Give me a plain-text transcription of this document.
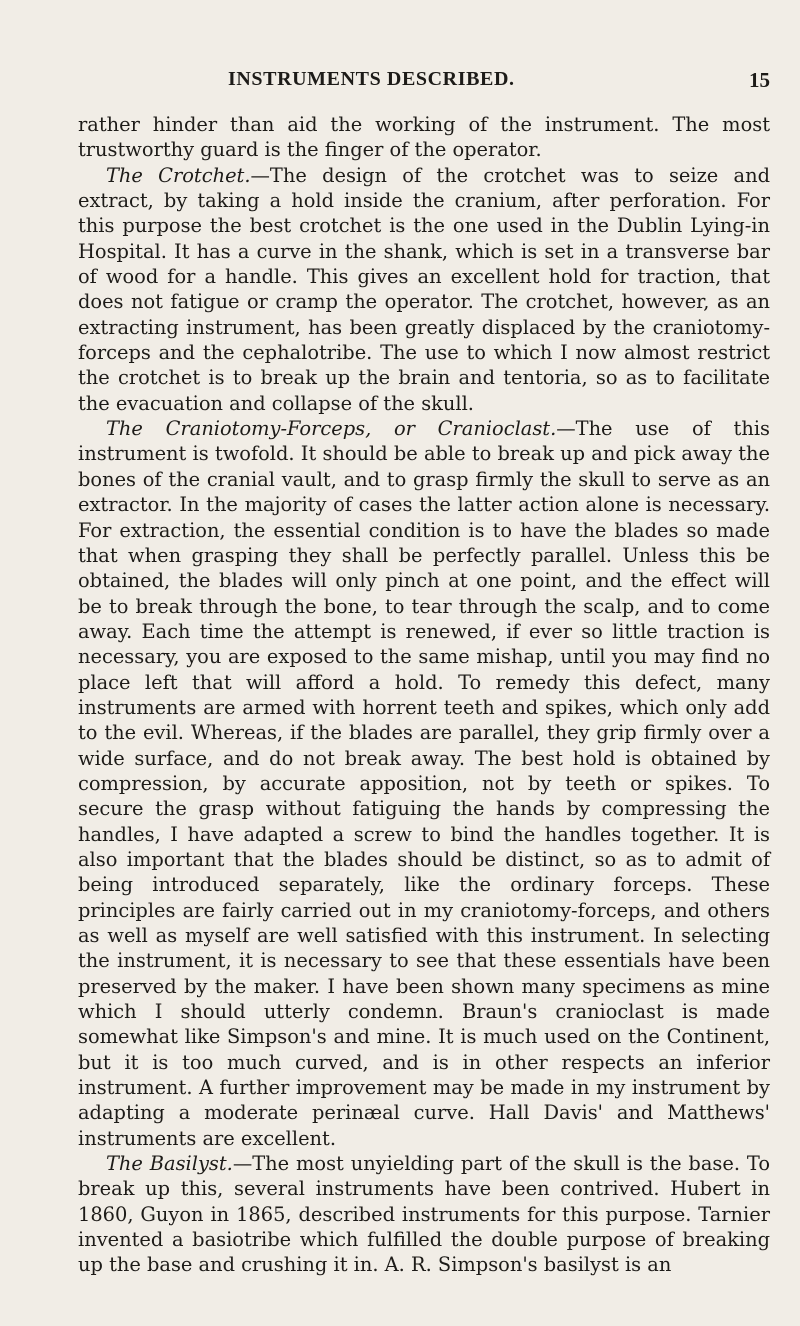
INSTRUMENTS DESCRIBED.	15

rather hinder than aid the working of the instrument. The most trustworthy guard is the finger of the operator.

The Crotchet.—The design of the crotchet was to seize and extract, by taking a hold inside the cranium, after perforation. For this purpose the best crotchet is the one used in the Dublin Lying-in Hospital. It has a curve in the shank, which is set in a transverse bar of wood for a handle. This gives an excellent hold for traction, that does not fatigue or cramp the operator. The crotchet, however, as an extracting instrument, has been greatly displaced by the craniotomy-forceps and the cephalotribe. The use to which I now almost restrict the crotchet is to break up the brain and tentoria, so as to facilitate the evacuation and collapse of the skull.

The Craniotomy-Forceps, or Cranioclast.—The use of this instrument is twofold. It should be able to break up and pick away the bones of the cranial vault, and to grasp firmly the skull to serve as an extractor. In the majority of cases the latter action alone is necessary. For extraction, the essential condition is to have the blades so made that when grasping they shall be perfectly parallel. Unless this be obtained, the blades will only pinch at one point, and the effect will be to break through the bone, to tear through the scalp, and to come away. Each time the attempt is renewed, if ever so little traction is necessary, you are exposed to the same mishap, until you may find no place left that will afford a hold. To remedy this defect, many instruments are armed with horrent teeth and spikes, which only add to the evil. Whereas, if the blades are parallel, they grip firmly over a wide surface, and do not break away. The best hold is obtained by compression, by accurate apposition, not by teeth or spikes. To secure the grasp without fatiguing the hands by compressing the handles, I have adapted a screw to bind the handles together. It is also important that the blades should be distinct, so as to admit of being introduced separately, like the ordinary forceps. These principles are fairly carried out in my craniotomy-forceps, and others as well as myself are well satisfied with this instrument. In selecting the instrument, it is necessary to see that these essentials have been preserved by the maker. I have been shown many specimens as mine which I should utterly condemn. Braun's cranioclast is made somewhat like Simpson's and mine. It is much used on the Continent, but it is too much curved, and is in other respects an inferior instrument. A further improvement may be made in my instrument by adapting a moderate perinæal curve. Hall Davis' and Matthews' instruments are excellent.

The Basilyst.—The most unyielding part of the skull is the base. To break up this, several instruments have been contrived. Hubert in 1860, Guyon in 1865, described instruments for this purpose. Tarnier invented a basiotribe which fulfilled the double purpose of breaking up the base and crushing it in. A. R. Simpson's basilyst is an
